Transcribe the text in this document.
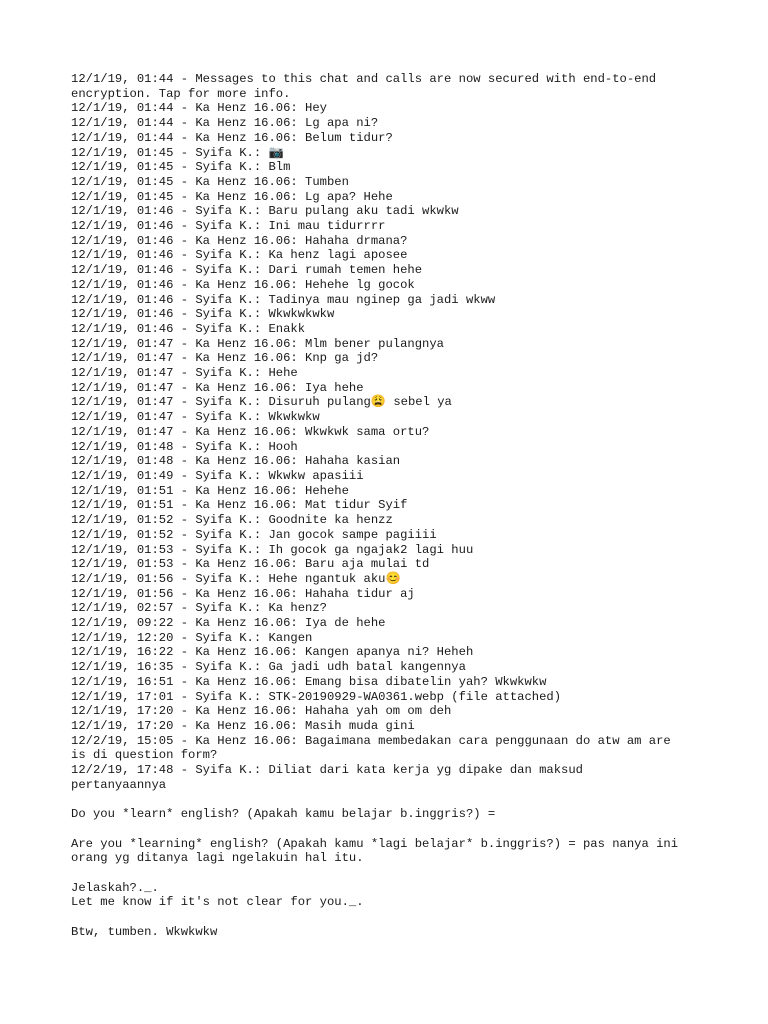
12/1/19, 01:44 - Messages to this chat and calls are now secured with end-to-end
encryption. Tap for more info.
12/1/19, 01:44 - Ka Henz 16.06: Hey
12/1/19, 01:44 - Ka Henz 16.06: Lg apa ni?
12/1/19, 01:44 - Ka Henz 16.06: Belum tidur?
12/1/19, 01:45 - Syifa K.: 📷
12/1/19, 01:45 - Syifa K.: Blm
12/1/19, 01:45 - Ka Henz 16.06: Tumben
12/1/19, 01:45 - Ka Henz 16.06: Lg apa? Hehe
12/1/19, 01:46 - Syifa K.: Baru pulang aku tadi wkwkw
12/1/19, 01:46 - Syifa K.: Ini mau tidurrrr
12/1/19, 01:46 - Ka Henz 16.06: Hahaha drmana?
12/1/19, 01:46 - Syifa K.: Ka henz lagi aposee
12/1/19, 01:46 - Syifa K.: Dari rumah temen hehe
12/1/19, 01:46 - Ka Henz 16.06: Hehehe lg gocok
12/1/19, 01:46 - Syifa K.: Tadinya mau nginep ga jadi wkww
12/1/19, 01:46 - Syifa K.: Wkwkwkwkw
12/1/19, 01:46 - Syifa K.: Enakk
12/1/19, 01:47 - Ka Henz 16.06: Mlm bener pulangnya
12/1/19, 01:47 - Ka Henz 16.06: Knp ga jd?
12/1/19, 01:47 - Syifa K.: Hehe
12/1/19, 01:47 - Ka Henz 16.06: Iya hehe
12/1/19, 01:47 - Syifa K.: Disuruh pulang😩 sebel ya
12/1/19, 01:47 - Syifa K.: Wkwkwkw
12/1/19, 01:47 - Ka Henz 16.06: Wkwkwk sama ortu?
12/1/19, 01:48 - Syifa K.: Hooh
12/1/19, 01:48 - Ka Henz 16.06: Hahaha kasian
12/1/19, 01:49 - Syifa K.: Wkwkw apasiii
12/1/19, 01:51 - Ka Henz 16.06: Hehehe
12/1/19, 01:51 - Ka Henz 16.06: Mat tidur Syif
12/1/19, 01:52 - Syifa K.: Goodnite ka henzz
12/1/19, 01:52 - Syifa K.: Jan gocok sampe pagiiii
12/1/19, 01:53 - Syifa K.: Ih gocok ga ngajak2 lagi huu
12/1/19, 01:53 - Ka Henz 16.06: Baru aja mulai td
12/1/19, 01:56 - Syifa K.: Hehe ngantuk aku😊
12/1/19, 01:56 - Ka Henz 16.06: Hahaha tidur aj
12/1/19, 02:57 - Syifa K.: Ka henz?
12/1/19, 09:22 - Ka Henz 16.06: Iya de hehe
12/1/19, 12:20 - Syifa K.: Kangen
12/1/19, 16:22 - Ka Henz 16.06: Kangen apanya ni? Heheh
12/1/19, 16:35 - Syifa K.: Ga jadi udh batal kangennya
12/1/19, 16:51 - Ka Henz 16.06: Emang bisa dibatelin yah? Wkwkwkw
12/1/19, 17:01 - Syifa K.: STK-20190929-WA0361.webp (file attached)
12/1/19, 17:20 - Ka Henz 16.06: Hahaha yah om om deh
12/1/19, 17:20 - Ka Henz 16.06: Masih muda gini
12/2/19, 15:05 - Ka Henz 16.06: Bagaimana membedakan cara penggunaan do atw am are
is di question form?
12/2/19, 17:48 - Syifa K.: Diliat dari kata kerja yg dipake dan maksud
pertanyaannya
Do you *learn* english? (Apakah kamu belajar b.inggris?) =
Are you *learning* english? (Apakah kamu *lagi belajar* b.inggris?) = pas nanya ini
orang yg ditanya lagi ngelakuin hal itu.
Jelaskah?._.
Let me know if it's not clear for you._.
Btw, tumben. Wkwkwkw
